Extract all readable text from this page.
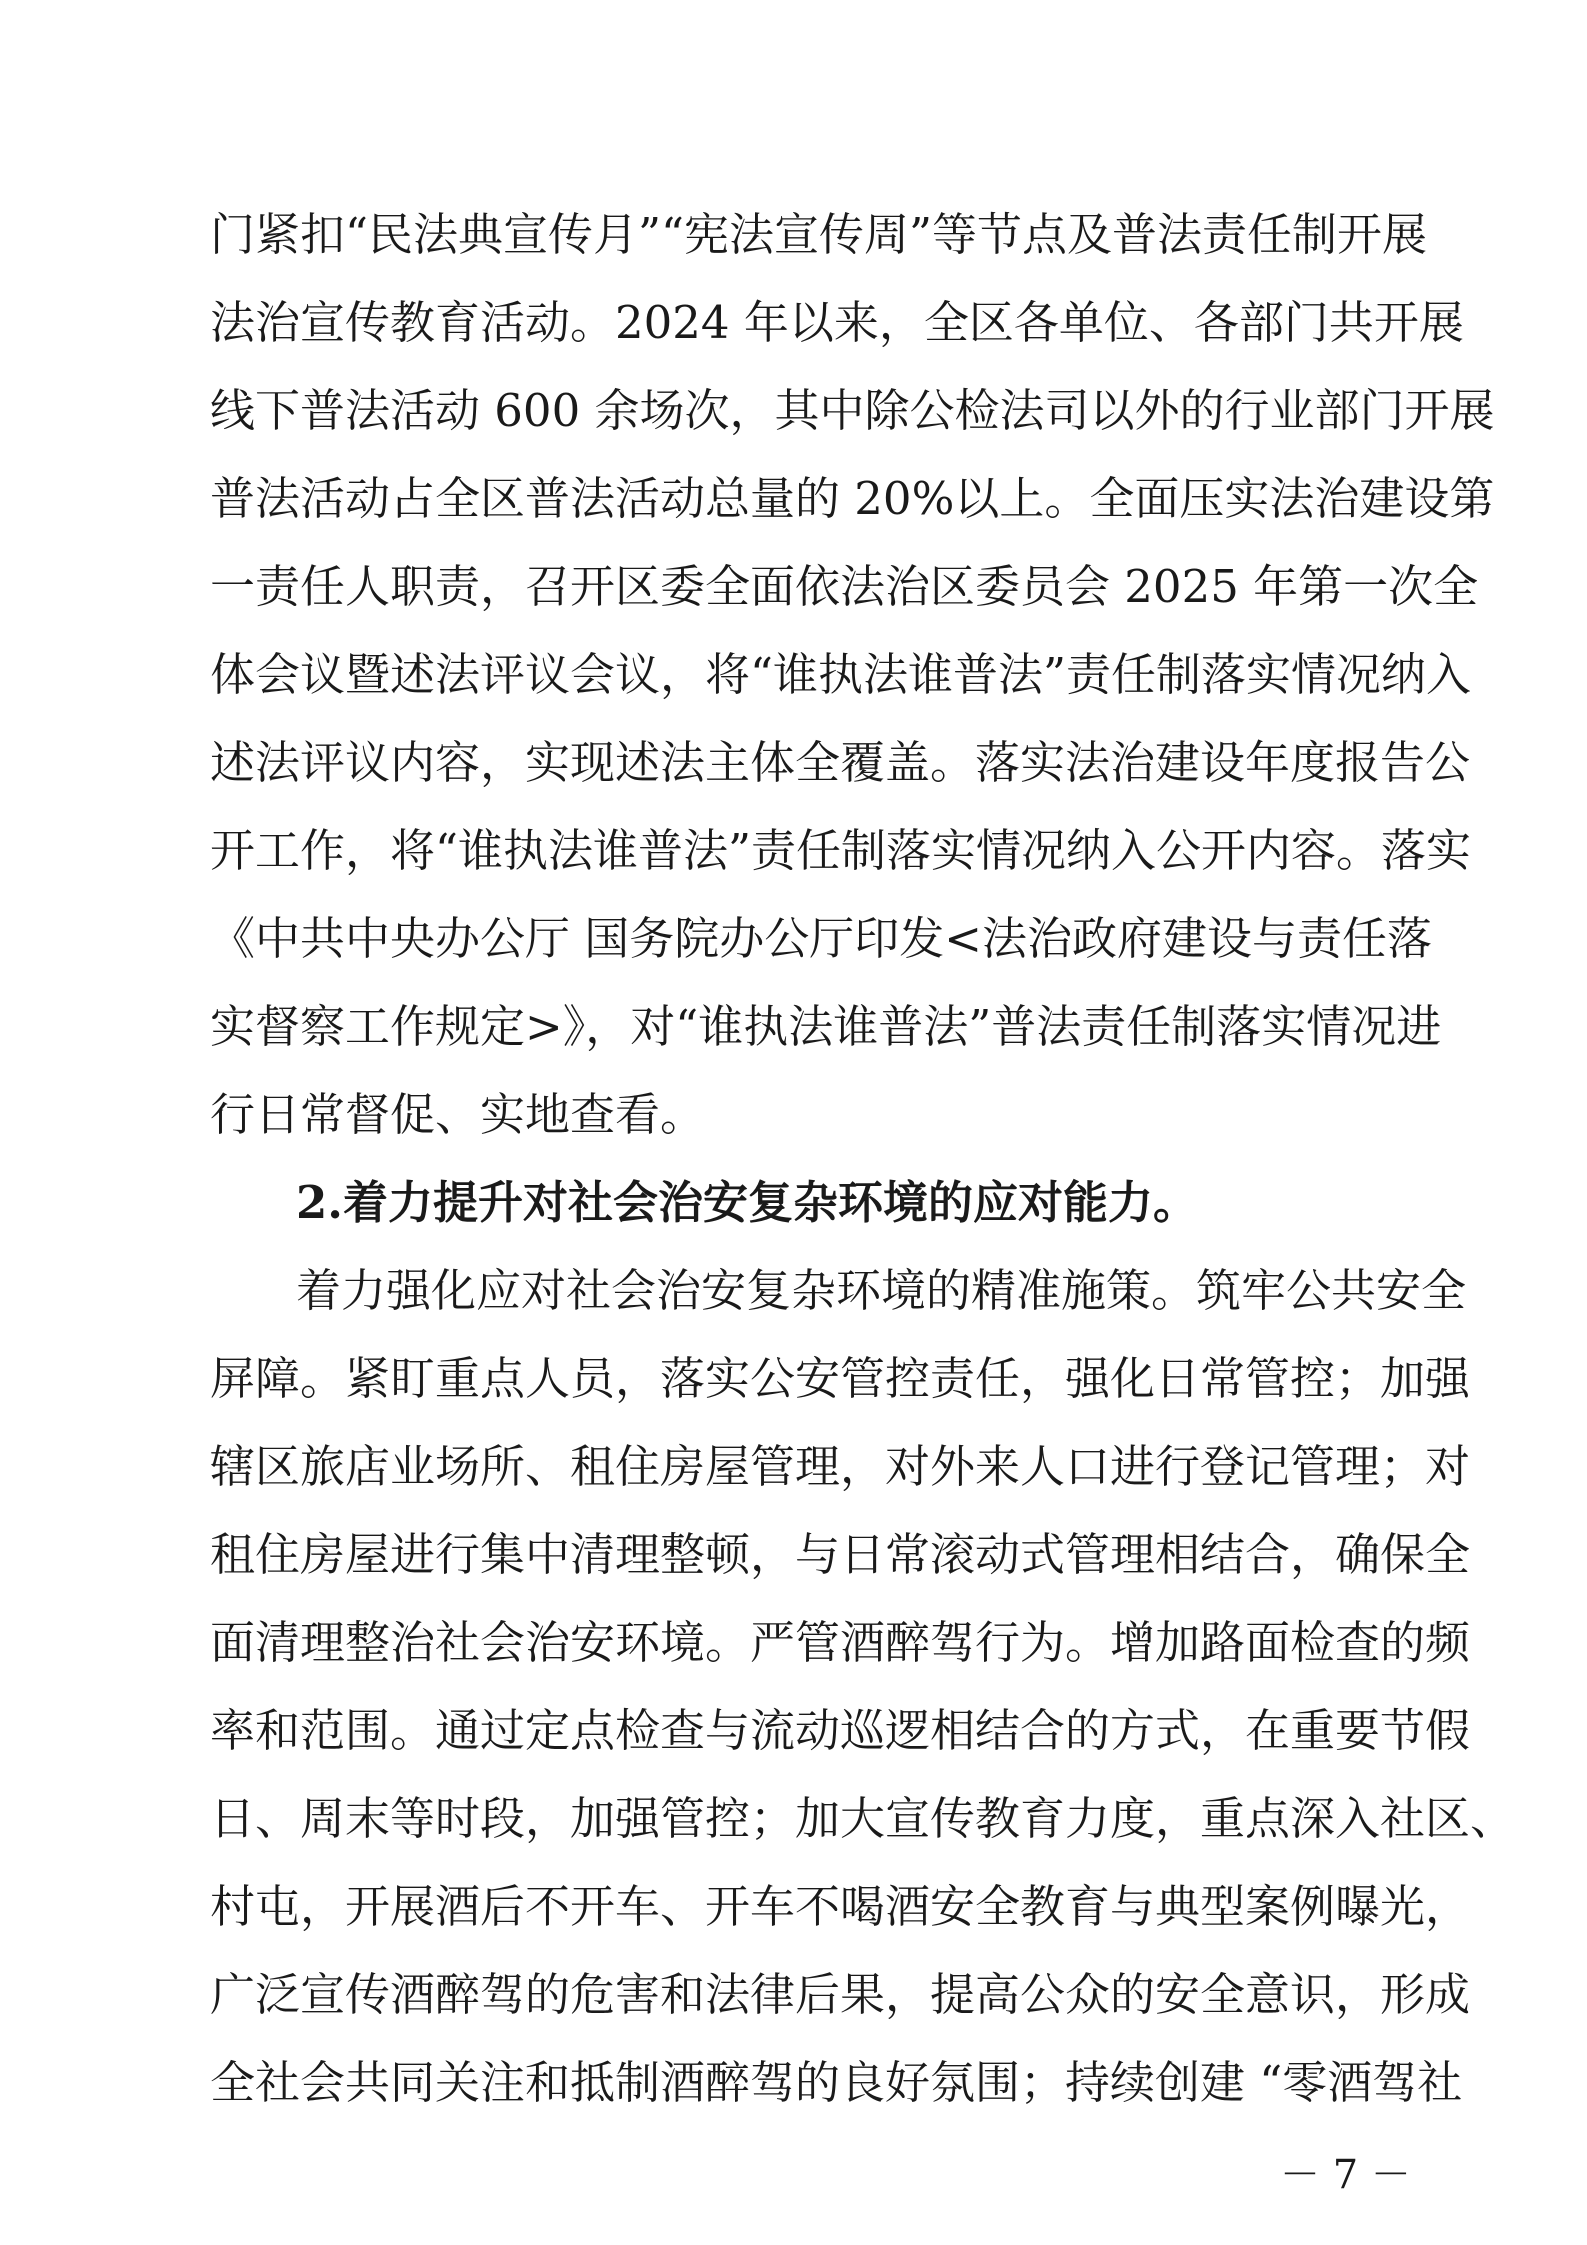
门紧扣“民法典宣传月”“宪法宣传周”等节点及普法责任制开展
法治宣传教育活动。2024 年以来，全区各单位、各部门共开展
线下普法活动 600 余场次，其中除公检法司以外的行业部门开展
普法活动占全区普法活动总量的 20%以上。全面压实法治建设第
一责任人职责，召开区委全面依法治区委员会 2025 年第一次全
体会议暨述法评议会议，将“谁执法谁普法”责任制落实情况纳入
述法评议内容，实现述法主体全覆盖。落实法治建设年度报告公
开工作，将“谁执法谁普法”责任制落实情况纳入公开内容。落实
《中共中央办公厅 国务院办公厅印发<法治政府建设与责任落
实督察工作规定>》，对“谁执法谁普法”普法责任制落实情况进
行日常督促、实地查看。
2.着力提升对社会治安复杂环境的应对能力。
着力强化应对社会治安复杂环境的精准施策。筑牢公共安全
屏障。紧盯重点人员，落实公安管控责任，强化日常管控；加强
辖区旅店业场所、租住房屋管理，对外来人口进行登记管理；对
租住房屋进行集中清理整顿，与日常滚动式管理相结合，确保全
面清理整治社会治安环境。严管酒醉驾行为。增加路面检查的频
率和范围。通过定点检查与流动巡逻相结合的方式，在重要节假
日、周末等时段，加强管控；加大宣传教育力度，重点深入社区、
村屯，开展酒后不开车、开车不喝酒安全教育与典型案例曝光，
广泛宣传酒醉驾的危害和法律后果，提高公众的安全意识，形成
全社会共同关注和抵制酒醉驾的良好氛围；持续创建 “零酒驾社
－ 7 －
